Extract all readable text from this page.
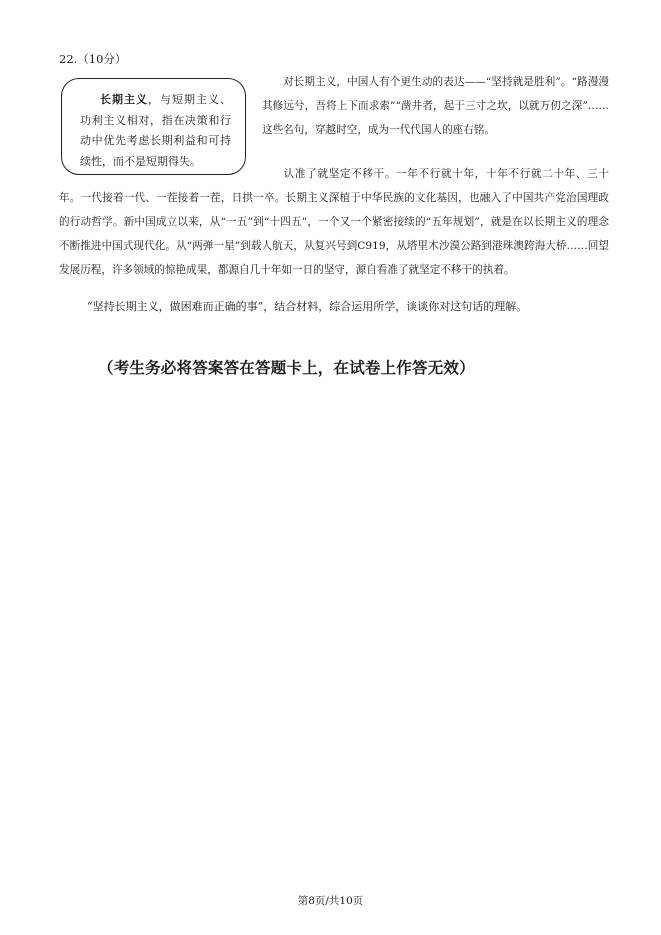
22.（10分）
长期主义，与短期主义、功利主义相对，指在决策和行动中优先考虑长期利益和可持续性，而不是短期得失。
对长期主义，中国人有个更生动的表达——“坚持就是胜利”。“路漫漫其修远兮，吾将上下而求索”“凿井者，起于三寸之坎，以就万仞之深”……这些名句，穿越时空，成为一代代国人的座右铭。
认准了就坚定不移干。一年不行就十年，十年不行就二十年、三十年。一代接着一代、一茬接着一茬，日拱一卒。长期主义深植于中华民族的文化基因，也融入了中国共产党治国理政的行动哲学。新中国成立以来，从“一五”到“十四五”，一个又一个紧密接续的“五年规划”，就是在以长期主义的理念不断推进中国式现代化。从“两弹一星”到载人航天，从复兴号到C919，从塔里木沙漠公路到港珠澳跨海大桥……回望发展历程，许多领域的惊艳成果，都源自几十年如一日的坚守，源自看准了就坚定不移干的执着。
“坚持长期主义，做困难而正确的事”，结合材料，综合运用所学，谈谈你对这句话的理解。
（考生务必将答案答在答题卡上，在试卷上作答无效）
第8页/共10页
